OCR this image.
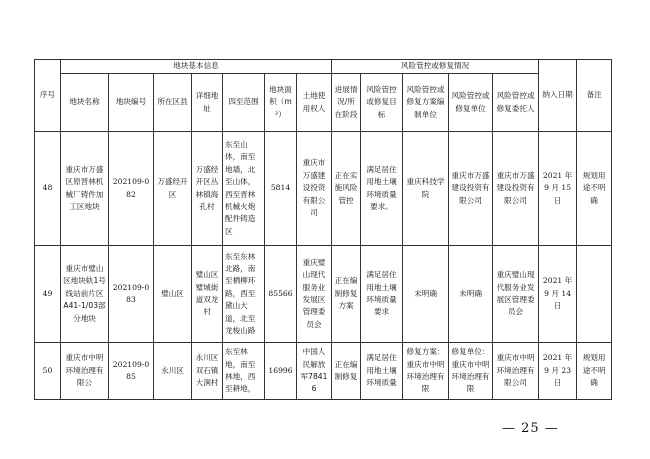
序号	地块基本信息							风险管控或修复情况					纳入日期	备注
	地块名称	地块编号	所在区县	详细地址	四至范围	地块面积（m²）	土地使用权人	进展情况/所在阶段	风险管控或修复目标	风险管控或修复方案编制单位	风险管控或修复单位	风险管控或修复委托人		
48	重庆市万盛区原晋林机械厂铸件加工区地块	202109-082	万盛经开区	万盛经开区丛林镇海孔村	东至山体，南至地墙，北至山体，西至晋林机械火炮配件铸造区	5814	重庆市万盛建设投资有限公司	正在实施风险管控	满足居住用地土壤环境质量要求。	重庆科技学院	重庆市万盛建设投资有限公司	重庆市万盛建设投资有限公司	2021 年 9 月 15 日	规划用途不明确
49	重庆市璧山区地块轨1号线站前片区A41-1/03部分地块	202109-083	璧山区	璧山区璧城街道双龙村	东至东林北路，南至栖柳环路，西至黛山大道，北至龙梭山路	85566	重庆璧山现代服务业发展区管理委员会	正在编制修复方案	满足居住用地土壤环境质量要求	未明确	未明确	重庆璧山现代服务业发展区管理委员会	2021 年 9 月 14 日	
50	重庆市中明环境治理有限公	202109-085	永川区	永川区双石镇大涧村	东至林地，南至林地，西至耕地，	16996	中国人民解放军78416	正在编制修复	满足居住用地土壤环境质量	修复方案：重庆市中明环境治理有限	修复单位：重庆市中明环境治理有限	重庆市中明环境治理有限公司	2021 年 9 月 23 日	规划用途不明确
— 25 —
